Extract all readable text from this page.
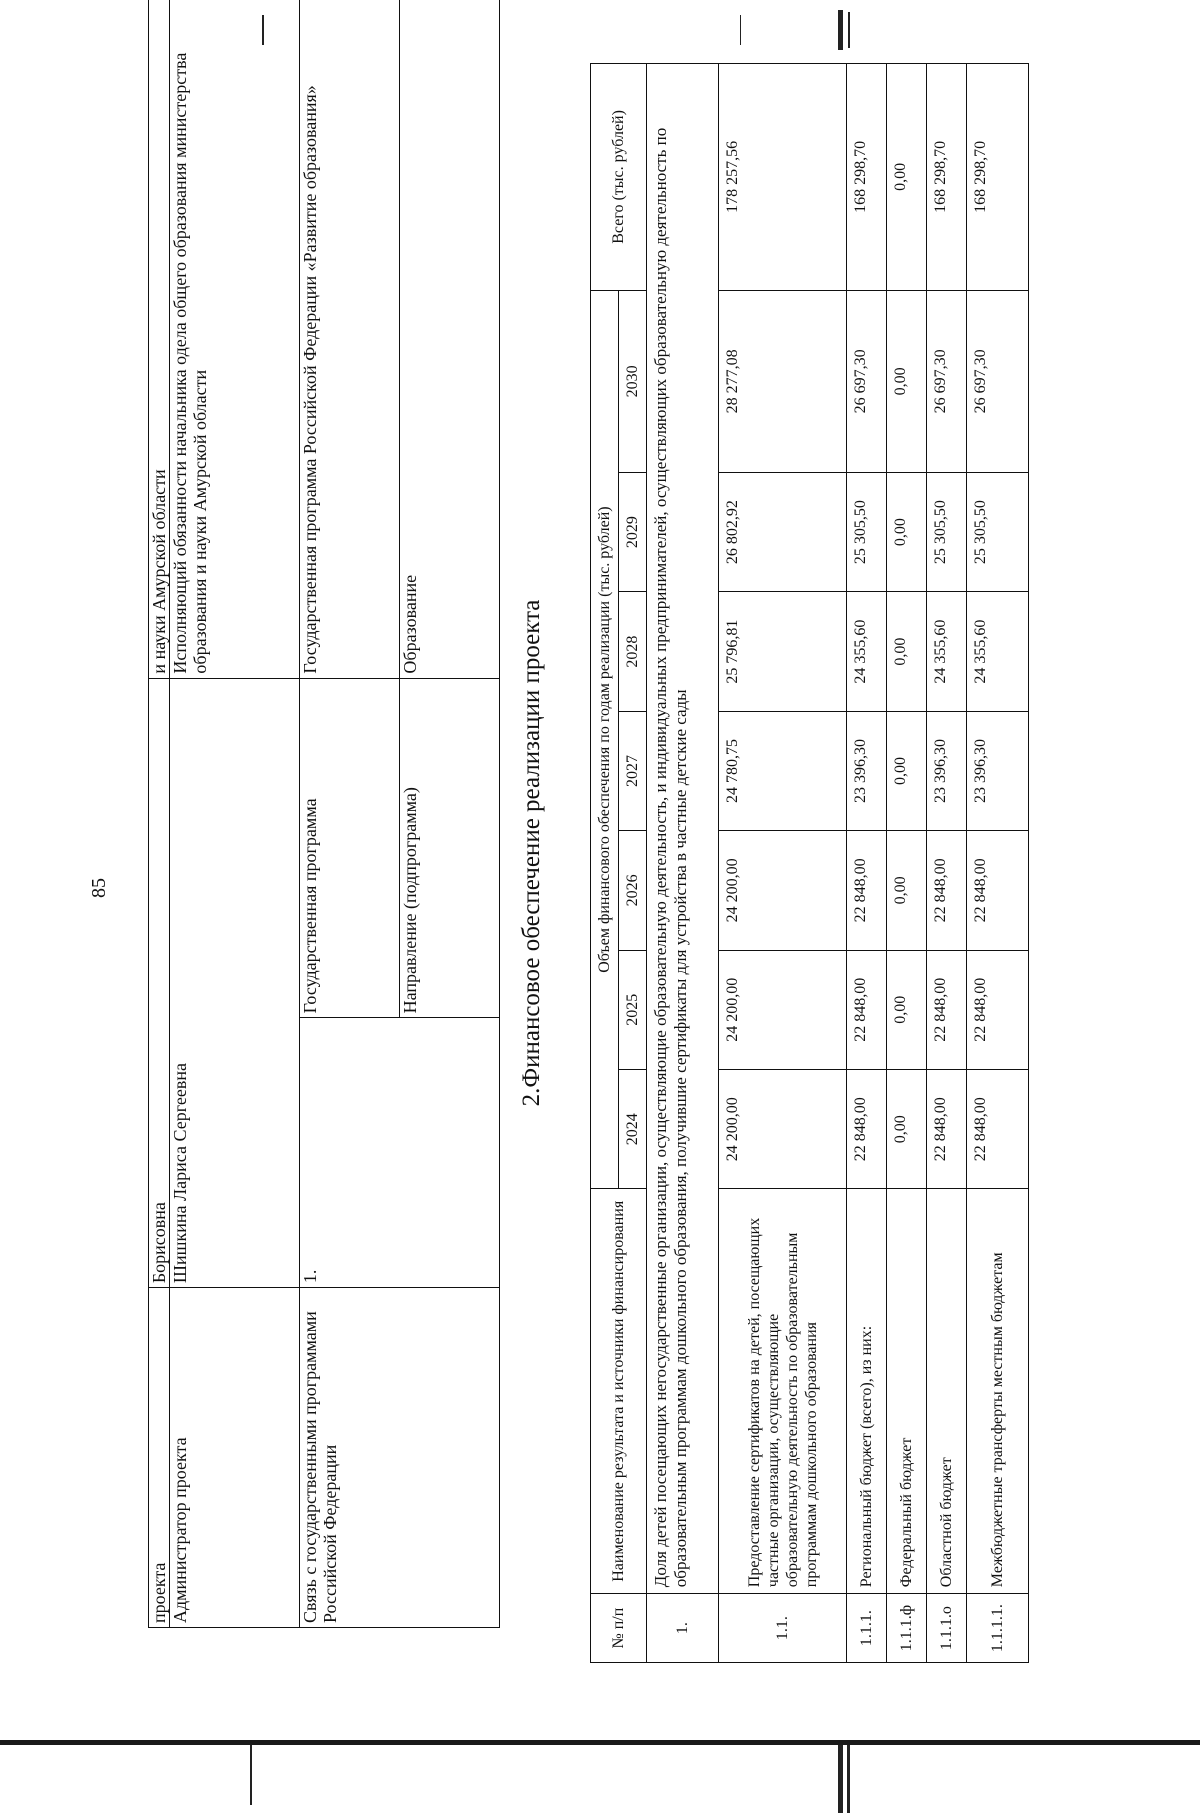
85
проекта	Борисовна		и науки Амурской области
Администратор проекта	Шишкина Лариса Сергеевна		Исполняющий обязанности начальника одела общего образования министерства образования и науки Амурской области
Связь с государственными программами Российской Федерации	1.	Государственная программа	Государственная программа Российской Федерации «Развитие образования»
		Направление (подпрограмма)	Образование	2.Финансовое обеспечение реализации проекта
№ п/п	Наименование результата и источники финансирования	Объем финансового обеспечения по годам реализации (тыс. рублей)							Всего (тыс. рублей)
		2024	2025	2026	2027	2028	2029	2030	
1.	Доля детей посещающих негосударственные организации, осуществляющие образовательную деятельность, и индивидуальных предпринимателей, осуществляющих образовательную деятельность по образовательным программам дошкольного образования, получившие сертификаты для устройства в частные детские сады								
1.1.	Предоставление сертификатов на детей, посещающих частные организации, осуществляющие образовательную деятельность по образовательным программам дошкольного образования	24 200,00	24 200,00	24 200,00	24 780,75	25 796,81	26 802,92	28 277,08	178 257,56
1.1.1.	Региональный бюджет (всего), из них:	22 848,00	22 848,00	22 848,00	23 396,30	24 355,60	25 305,50	26 697,30	168 298,70
1.1.1.ф	Федеральный бюджет	0,00	0,00	0,00	0,00	0,00	0,00	0,00	0,00
1.1.1.о	Областной бюджет	22 848,00	22 848,00	22 848,00	23 396,30	24 355,60	25 305,50	26 697,30	168 298,70
1.1.1.1.	Межбюджетные трансферты местным бюджетам	22 848,00	22 848,00	22 848,00	23 396,30	24 355,60	25 305,50	26 697,30	168 298,70
